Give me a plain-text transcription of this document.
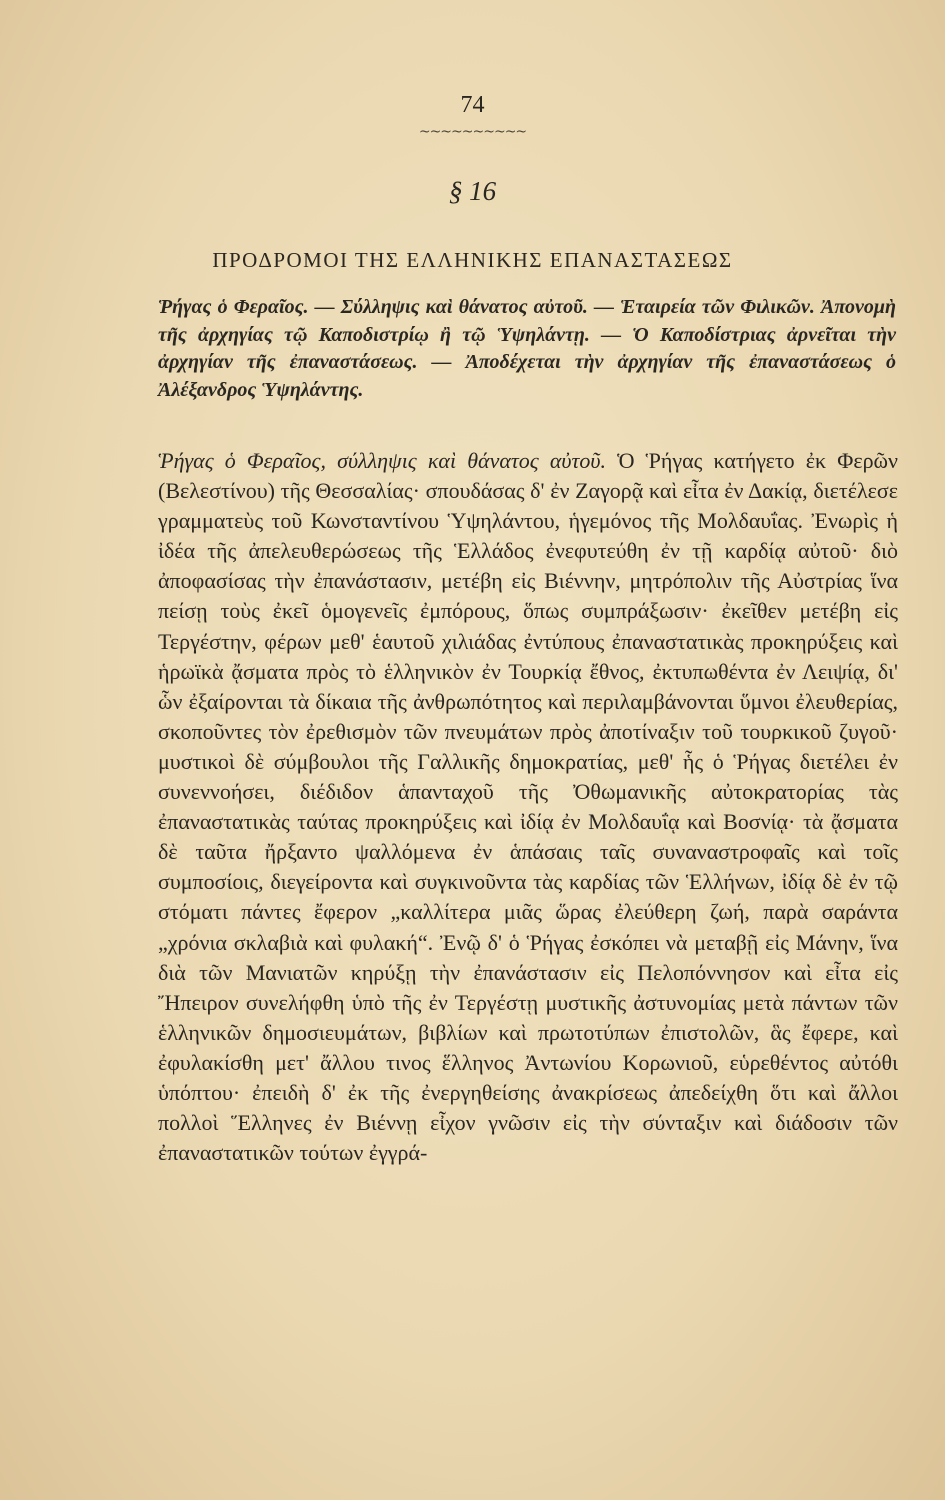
74
~~~~~~~~~~
§ 16
ΠΡΟΔΡΟΜΟΙ ΤΗΣ ΕΛΛΗΝΙΚΗΣ ΕΠΑΝΑΣΤΑΣΕΩΣ
Ῥήγας ὁ Φεραῖος. — Σύλληψις καὶ θάνατος αὐτοῦ. — Ἑταιρεία τῶν Φιλικῶν. Ἀπονομὴ τῆς ἀρχηγίας τῷ Καποδιστρίῳ ἢ τῷ Ὑψηλάντῃ. — Ὁ Καποδίστριας ἀρνεῖται τὴν ἀρχηγίαν τῆς ἐπαναστάσεως. — Ἀποδέχεται τὴν ἀρχηγίαν τῆς ἐπαναστάσεως ὁ Ἀλέξανδρος Ὑψηλάντης.
Ῥήγας ὁ Φεραῖος, σύλληψις καὶ θάνατος αὐτοῦ. Ὁ Ῥήγας κατήγετο ἐκ Φερῶν (Βελεστίνου) τῆς Θεσσαλίας· σπουδάσας δ' ἐν Ζαγορᾷ καὶ εἶτα ἐν Δακίᾳ, διετέλεσε γραμματεὺς τοῦ Κωνσταντίνου Ὑψηλάντου, ἡγεμόνος τῆς Μολδαυΐας. Ἐνωρὶς ἡ ἰδέα τῆς ἀπελευθερώσεως τῆς Ἑλλάδος ἐνεφυτεύθη ἐν τῇ καρδίᾳ αὐτοῦ· διὸ ἀποφασίσας τὴν ἐπανάστασιν, μετέβη εἰς Βιέννην, μητρόπολιν τῆς Αὐστρίας ἵνα πείσῃ τοὺς ἐκεῖ ὁμογενεῖς ἐμπόρους, ὅπως συμπράξωσιν· ἐκεῖθεν μετέβη εἰς Τεργέστην, φέρων μεθ' ἑαυτοῦ χιλιάδας ἐντύπους ἐπαναστατικὰς προκηρύξεις καὶ ἡρωϊκὰ ᾄσματα πρὸς τὸ ἑλληνικὸν ἐν Τουρκίᾳ ἔθνος, ἐκτυπωθέντα ἐν Λειψίᾳ, δι' ὧν ἐξαίρονται τὰ δίκαια τῆς ἀνθρωπότητος καὶ περιλαμβάνονται ὕμνοι ἐλευθερίας, σκοποῦντες τὸν ἐρεθισμὸν τῶν πνευμάτων πρὸς ἀποτίναξιν τοῦ τουρκικοῦ ζυγοῦ· μυστικοὶ δὲ σύμβουλοι τῆς Γαλλικῆς δημοκρατίας, μεθ' ἧς ὁ Ῥήγας διετέλει ἐν συνεννοήσει, διέδιδον ἁπανταχοῦ τῆς Ὀθωμανικῆς αὐτοκρατορίας τὰς ἐπαναστατικὰς ταύτας προκηρύξεις καὶ ἰδίᾳ ἐν Μολδαυΐᾳ καὶ Βοσνίᾳ· τὰ ᾄσματα δὲ ταῦτα ἤρξαντο ψαλλόμενα ἐν ἁπάσαις ταῖς συναναστροφαῖς καὶ τοῖς συμποσίοις, διεγείροντα καὶ συγκινοῦντα τὰς καρδίας τῶν Ἑλλήνων, ἰδίᾳ δὲ ἐν τῷ στόματι πάντες ἔφερον „καλλίτερα μιᾶς ὥρας ἐλεύθερη ζωή, παρὰ σαράντα „χρόνια σκλαβιὰ καὶ φυλακή“. Ἐνῷ δ' ὁ Ῥήγας ἐσκόπει νὰ μεταβῇ εἰς Μάνην, ἵνα διὰ τῶν Μανιατῶν κηρύξῃ τὴν ἐπανάστασιν εἰς Πελοπόννησον καὶ εἶτα εἰς Ἤπειρον συνελήφθη ὑπὸ τῆς ἐν Τεργέστῃ μυστικῆς ἀστυνομίας μετὰ πάντων τῶν ἑλληνικῶν δημοσιευμάτων, βιβλίων καὶ πρωτοτύπων ἐπιστολῶν, ἃς ἔφερε, καὶ ἐφυλακίσθη μετ' ἄλλου τινος ἕλληνος Ἀντωνίου Κορωνιοῦ, εὑρεθέντος αὐτόθι ὑπόπτου· ἐπειδὴ δ' ἐκ τῆς ἐνεργηθείσης ἀνακρίσεως ἀπεδείχθη ὅτι καὶ ἄλλοι πολλοὶ Ἕλληνες ἐν Βιέννῃ εἶχον γνῶσιν εἰς τὴν σύνταξιν καὶ διάδοσιν τῶν ἐπαναστατικῶν τούτων ἐγγρά-
